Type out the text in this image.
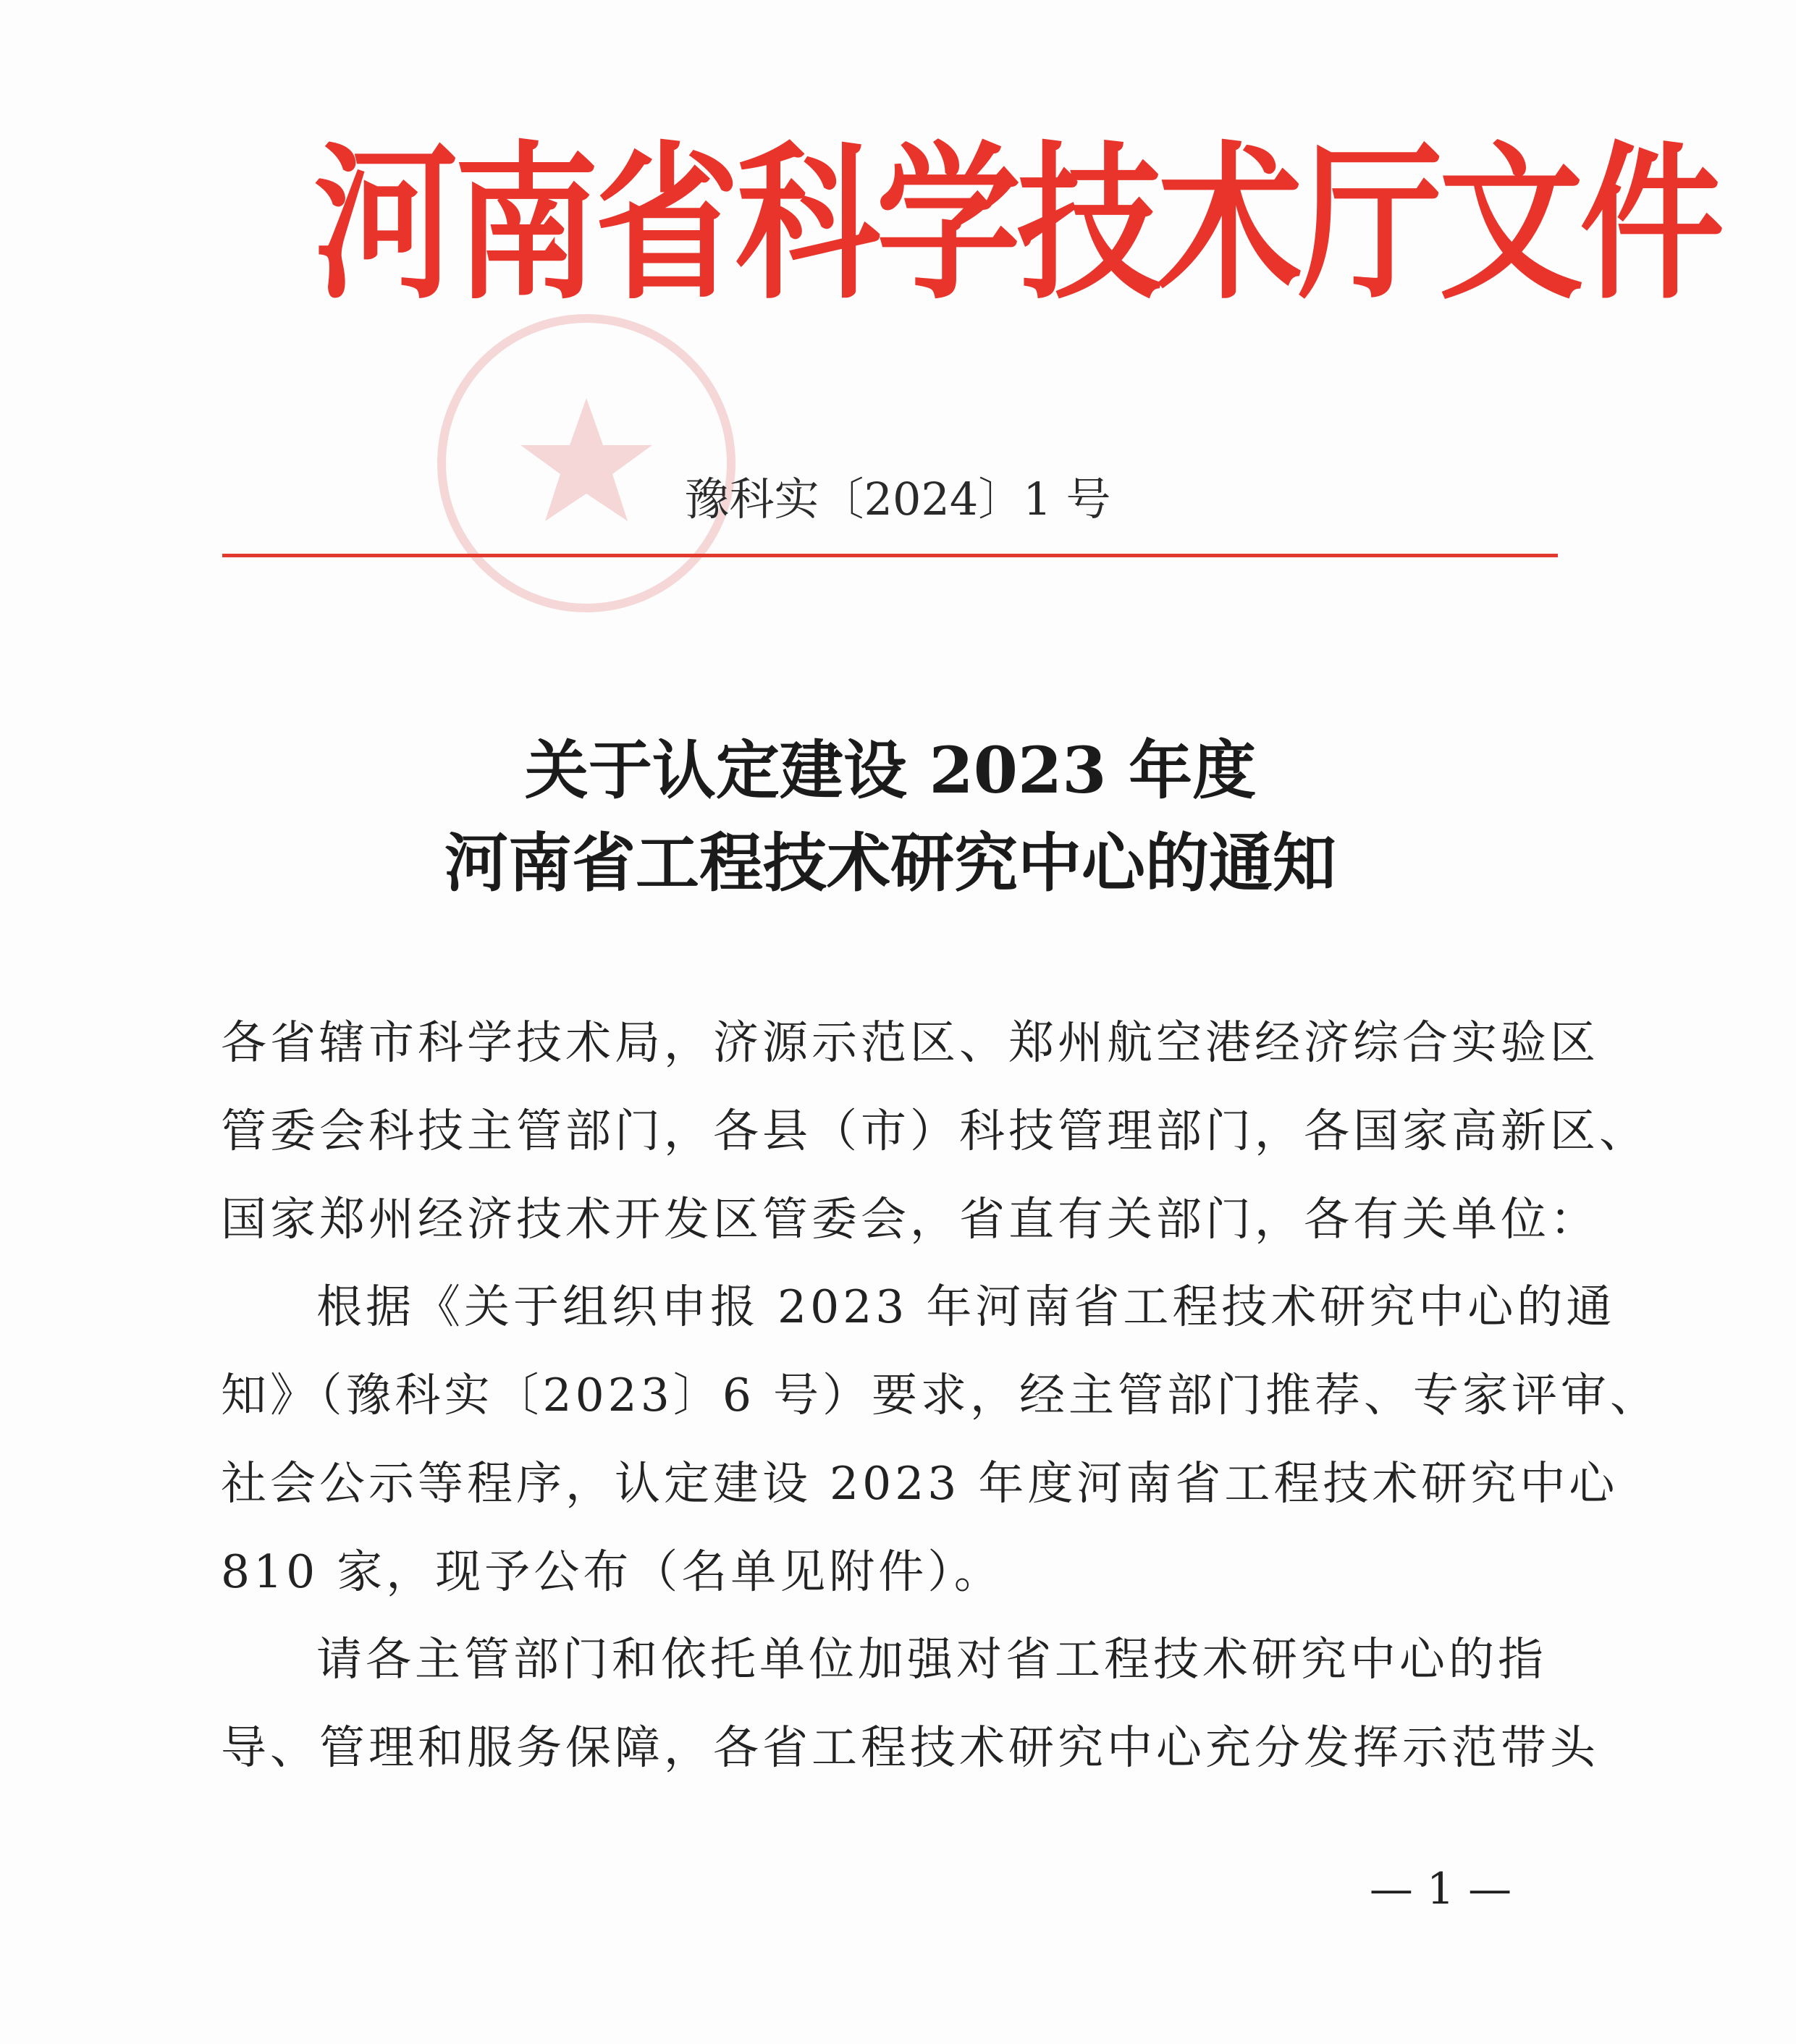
河南省科学技术厅文件
豫科实〔2024〕1 号
关于认定建设 2023 年度
河南省工程技术研究中心的通知
各省辖市科学技术局，济源示范区、郑州航空港经济综合实验区
管委会科技主管部门，各县（市）科技管理部门，各国家高新区、
国家郑州经济技术开发区管委会，省直有关部门，各有关单位：
根据《关于组织申报 2023 年河南省工程技术研究中心的通
知》（豫科实〔2023〕6 号）要求，经主管部门推荐、专家评审、
社会公示等程序，认定建设 2023 年度河南省工程技术研究中心
810 家，现予公布（名单见附件）。
请各主管部门和依托单位加强对省工程技术研究中心的指
导、管理和服务保障，各省工程技术研究中心充分发挥示范带头
— 1 —
